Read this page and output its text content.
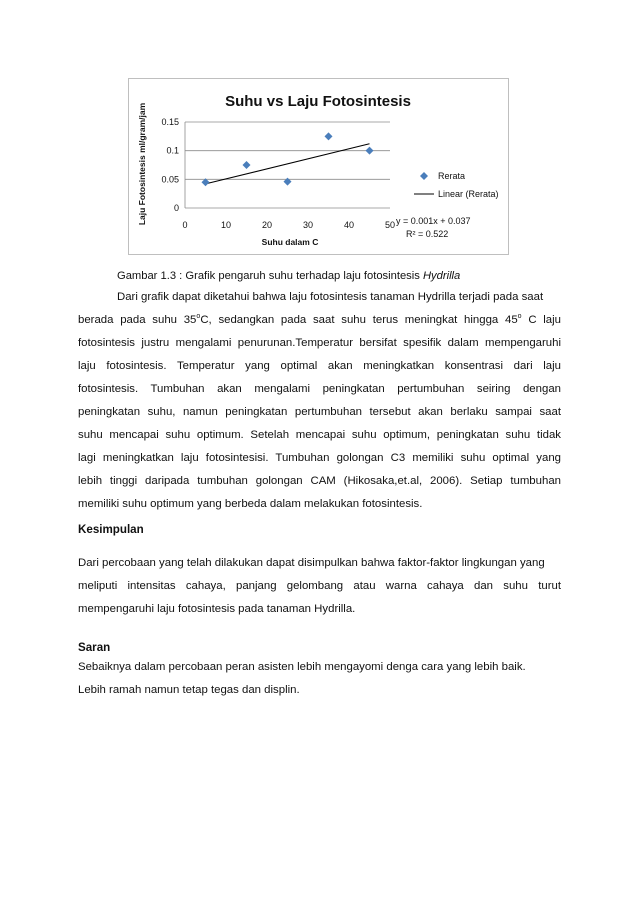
Suhu vs Laju Fotosintesis
0
0.05
0.1
0.15
0	10	20	30	40	50
Laju Fotosintesis ml/gram/jam
Suhu dalam C
Rerata
Linear (Rerata)
y = 0.001x + 0.037
R² = 0.522
Gambar 1.3 : Grafik pengaruh suhu terhadap laju fotosintesis Hydrilla
Dari grafik dapat diketahui bahwa laju fotosintesis tanaman Hydrilla terjadi pada saat
berada pada suhu 35$^o$C, sedangkan pada saat suhu terus meningkat hingga 45$^o$ C laju
fotosintesis justru mengalami penurunan.Temperatur bersifat spesifik dalam mempengaruhi
laju fotosintesis. Temperatur yang optimal akan meningkatkan konsentrasi dari laju
fotosintesis. Tumbuhan akan mengalami peningkatan pertumbuhan seiring dengan
peningkatan suhu, namun peningkatan pertumbuhan tersebut akan berlaku sampai saat
suhu mencapai suhu optimum. Setelah mencapai suhu optimum, peningkatan suhu tidak
lagi meningkatkan laju fotosintesisi. Tumbuhan golongan C3 memiliki suhu optimal yang
lebih tinggi daripada tumbuhan golongan CAM (Hikosaka,et.al, 2006). Setiap tumbuhan
memiliki suhu optimum yang berbeda dalam melakukan fotosintesis.
Kesimpulan
Dari percobaan yang telah dilakukan dapat disimpulkan bahwa faktor-faktor lingkungan yang
meliputi intensitas cahaya, panjang gelombang atau warna cahaya dan suhu turut
mempengaruhi laju fotosintesis pada tanaman Hydrilla.
Saran
Sebaiknya dalam percobaan peran asisten lebih mengayomi denga cara yang lebih baik.
Lebih ramah namun tetap tegas dan displin.
